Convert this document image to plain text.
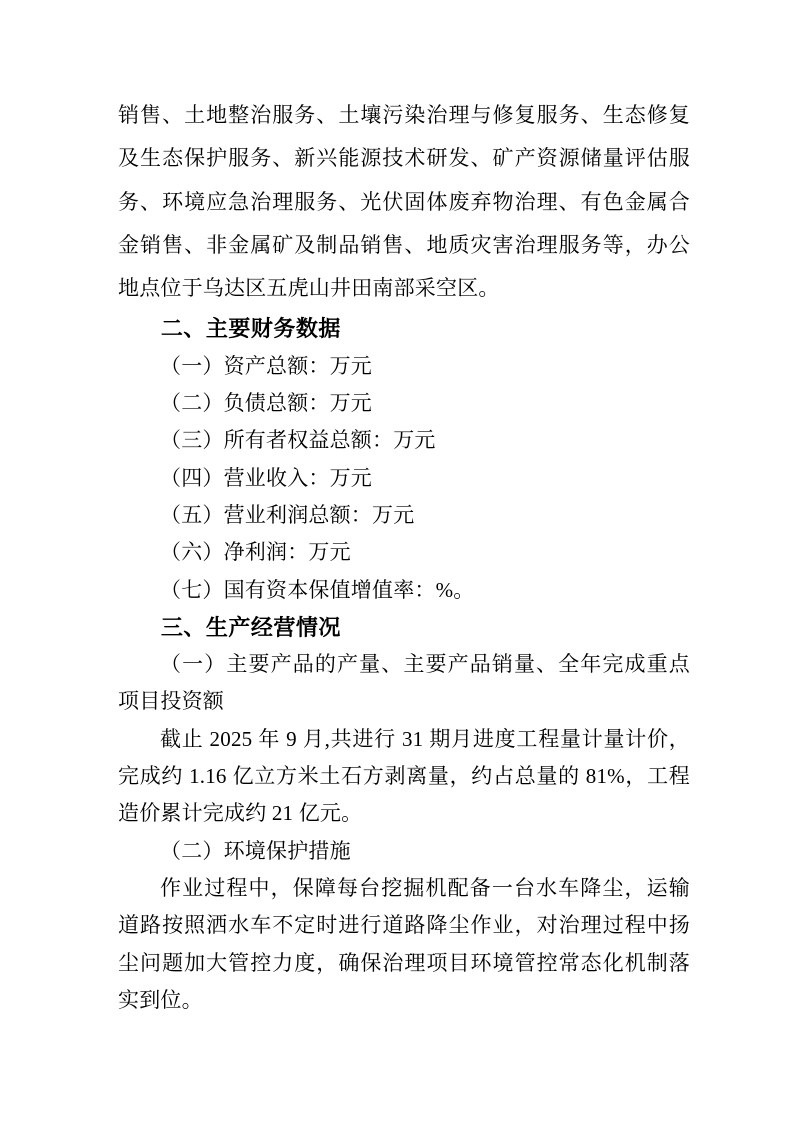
销售、土地整治服务、土壤污染治理与修复服务、生态修复
及生态保护服务、新兴能源技术研发、矿产资源储量评估服
务、环境应急治理服务、光伏固体废弃物治理、有色金属合
金销售、非金属矿及制品销售、地质灾害治理服务等，办公
地点位于乌达区五虎山井田南部采空区。
二、主要财务数据
（一）资产总额：万元
（二）负债总额：万元
（三）所有者权益总额：万元
（四）营业收入：万元
（五）营业利润总额：万元
（六）净利润：万元
（七）国有资本保值增值率：%。
三、生产经营情况
（一）主要产品的产量、主要产品销量、全年完成重点
项目投资额
截止 2025 年 9 月,共进行 31 期月进度工程量计量计价，
完成约 1.16 亿立方米土石方剥离量，约占总量的 81%，工程
造价累计完成约 21 亿元。
（二）环境保护措施
作业过程中，保障每台挖掘机配备一台水车降尘，运输
道路按照洒水车不定时进行道路降尘作业，对治理过程中扬
尘问题加大管控力度，确保治理项目环境管控常态化机制落
实到位。
